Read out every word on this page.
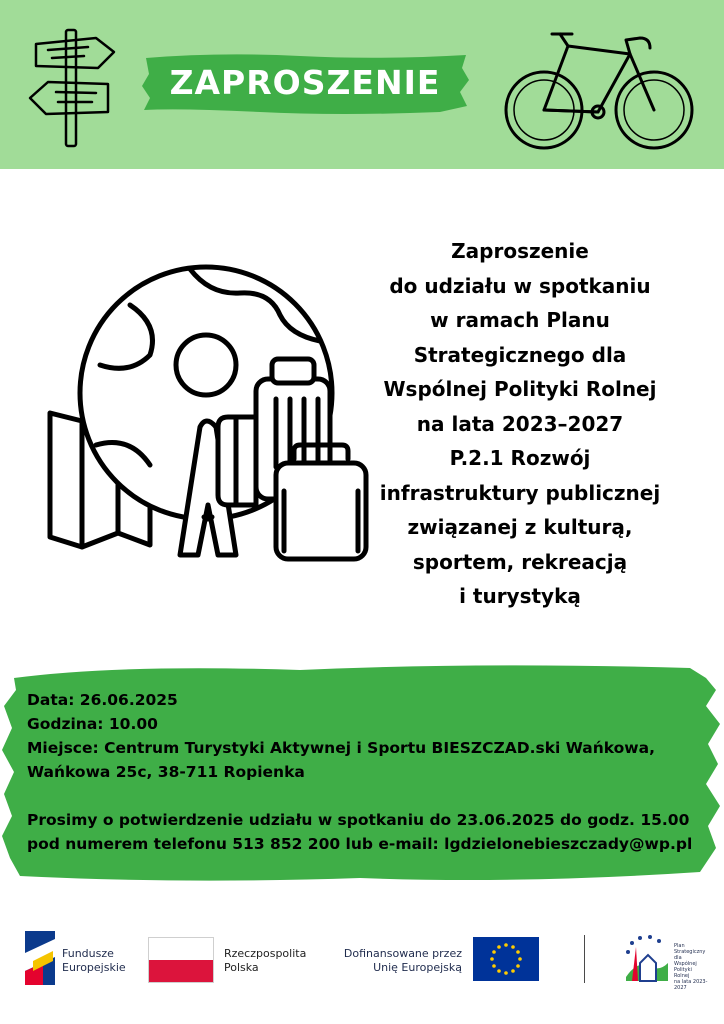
ZAPROSZENIE
Zaproszenie
do udziału w spotkaniu
w ramach Planu
Strategicznego dla
Wspólnej Polityki Rolnej
na lata 2023–2027
P.2.1 Rozwój
infrastruktury publicznej
związanej z kulturą,
sportem, rekreacją
i turystyką

Data: 26.06.2025

Godzina: 10.00

Miejsce: Centrum Turystyki Aktywnej i Sportu BIESZCZAD.ski Wańkowa,

Wańkowa 25c, 38-711 Ropienka

Prosimy o potwierdzenie udziału w spotkaniu do 23.06.2025 do godz. 15.00

pod numerem telefonu 513 852 200 lub e-mail: lgdzielonebieszczady@wp.pl

Fundusze
Europejskie
Rzeczpospolita
Polska
Dofinansowane przez
Unię Europejską
Plan
Strategiczny dla
Wspólnej
Polityki
Rolnej
na lata 2023-2027
